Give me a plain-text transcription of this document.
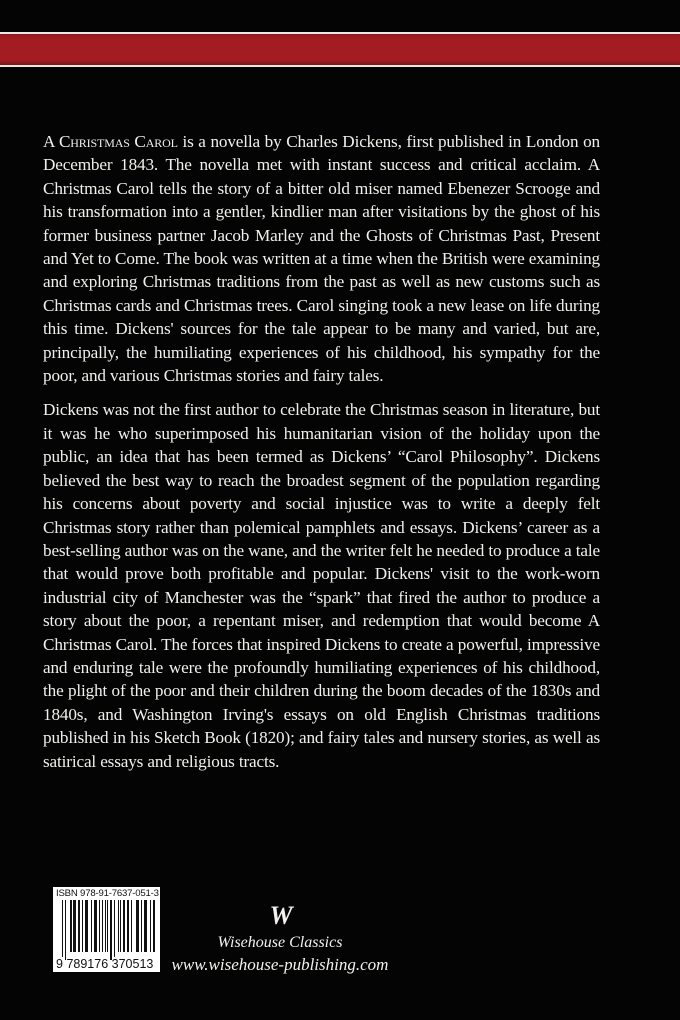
A Christmas Carol is a novella by Charles Dickens, first published in London on December 1843. The novella met with instant success and critical acclaim. A Christmas Carol tells the story of a bitter old miser named Ebenezer Scrooge and his transformation into a gentler, kindlier man after visitations by the ghost of his former business partner Jacob Marley and the Ghosts of Christmas Past, Present and Yet to Come. The book was written at a time when the British were examining and exploring Christmas traditions from the past as well as new customs such as Christmas cards and Christmas trees. Carol singing took a new lease on life during this time. Dickens' sources for the tale appear to be many and varied, but are, principally, the humiliating experiences of his childhood, his sympathy for the poor, and various Christmas stories and fairy tales.

Dickens was not the first author to celebrate the Christmas season in literature, but it was he who superimposed his humanitarian vision of the holiday upon the public, an idea that has been termed as Dickens’ “Carol Philosophy”. Dickens believed the best way to reach the broadest segment of the population regarding his concerns about poverty and social injustice was to write a deeply felt Christmas story rather than polemical pamphlets and essays. Dickens’ career as a best-selling author was on the wane, and the writer felt he needed to produce a tale that would prove both profitable and popular. Dickens' visit to the work-worn industrial city of Manchester was the “spark” that fired the author to produce a story about the poor, a repentant miser, and redemption that would become A Christmas Carol. The forces that inspired Dickens to create a powerful, impressive and enduring tale were the profoundly humiliating experiences of his childhood, the plight of the poor and their children during the boom decades of the 1830s and 1840s, and Washington Irving's essays on old English Christmas traditions published in his Sketch Book (1820); and fairy tales and nursery stories, as well as satirical essays and religious tracts.

ISBN 978-91-7637-051-3
9 789176 370513
W
Wisehouse Classics
www.wisehouse-publishing.com
